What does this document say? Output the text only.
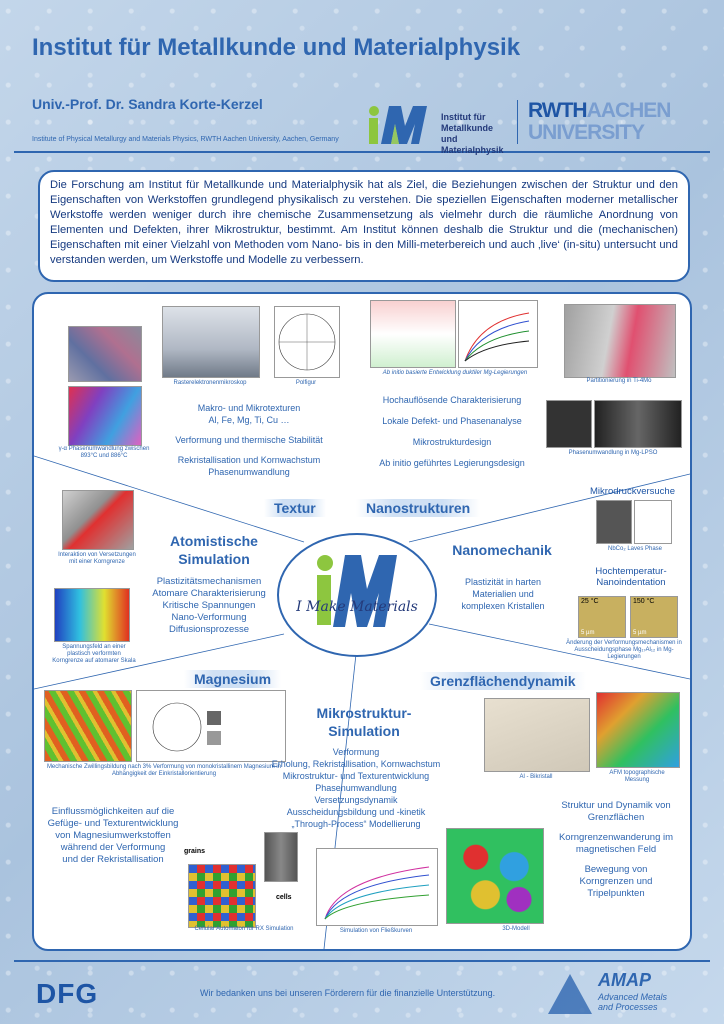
Institut für Metallkunde und Materialphysik
Univ.-Prof. Dr. Sandra Korte-Kerzel
Institute of Physical Metallurgy and Materials Physics, RWTH Aachen University, Aachen, Germany
Institut für
Metallkunde und
Materialphysik
RWTHAACHEN
UNIVERSITY
Die Forschung am Institut für Metallkunde und Materialphysik hat als Ziel, die Beziehungen zwischen der Struktur und den Eigenschaften von Werkstoffen grundlegend physikalisch zu verstehen. Die speziellen Eigenschaften moderner metallischer Werkstoffe werden weniger durch ihre chemische Zusammensetzung als vielmehr durch die räumliche Anordnung von Elementen und Defekten, ihrer Mikrostruktur, bestimmt. Am Institut können deshalb die Struktur und die (mechanischen) Eigenschaften mit einer Vielzahl von Methoden vom Nano- bis in den Milli-meterbereich und auch ‚live‘ (in-situ) untersucht und verstanden werden, um Werkstoffe und Modelle zu verbessern.
γ-α Phasenumwandlung zwischen 893°C und 886°C
Rasterelektronenmikroskop	Polfigur
Makro- und Mikrotexturen
Al, Fe, Mg, Ti, Cu …
Verformung und thermische Stabilität
Rekristallisation und Kornwachstum
Phasenumwandlung
Ab initio basierte Entwicklung duktiler Mg-Legierungen
Partitionierung in Ti-4Mo
Phasenumwandlung in Mg-LPSO
Hochauflösende Charakterisierung
Lokale Defekt- und Phasenanalyse
Mikrostrukturdesign
Ab initio geführtes Legierungsdesign
Textur	Nanostrukturen
Atomistische
Simulation
Nanomechanik
Magnesium	Grenzflächendynamik
Mikrostruktur-
Simulation
I Make Materials
Interaktion von Versetzungen mit einer Korngrenze
Spannungsfeld an einer plastisch verformten Korngrenze auf atomarer Skala
Plastizitätsmechanismen
Atomare Charakterisierung
Kritische Spannungen
Nano-Verformung
Diffusionsprozesse
Mikrodruckversuche
NbCo₂ Laves Phase
Plastizität in harten
Materialien und
komplexen Kristallen
Hochtemperatur-
Nanoindentation
25 °C
5 µm
150 °C
5 µm
Änderung der Verformungsmechanismen in Ausscheidungsphase Mg₁₇Al₁₂ in Mg-Legierungen
Mechanische Zwillingsbildung nach 3% Verformung von monokristallinem Magnesium in Abhängigkeit der Einkristallorientierung
Einflussmöglichkeiten auf die
Gefüge- und Texturentwicklung
von Magnesiumwerkstoffen
während der Verformung
und der Rekristallisation
Verformung
Erholung, Rekristallisation, Kornwachstum
Mikrostruktur- und Texturentwicklung
Phasenumwandlung
Versetzungsdynamik
Ausscheidungsbildung und -kinetik
„Through-Process“ Modellierung
grains
cells
Cellular Automaton für RX Simulation	Simulation von Fließkurven	3D-Modell
Al - Bikristall
AFM topographische Messung
Struktur und Dynamik von
Grenzflächen
Korngrenzenwanderung im
magnetischen Feld
Bewegung von
Korngrenzen und
Tripelpunkten
DFG	Wir bedanken uns bei unseren Förderern für die finanzielle Unterstützung.
AMAP
Advanced Metals
and Processes
